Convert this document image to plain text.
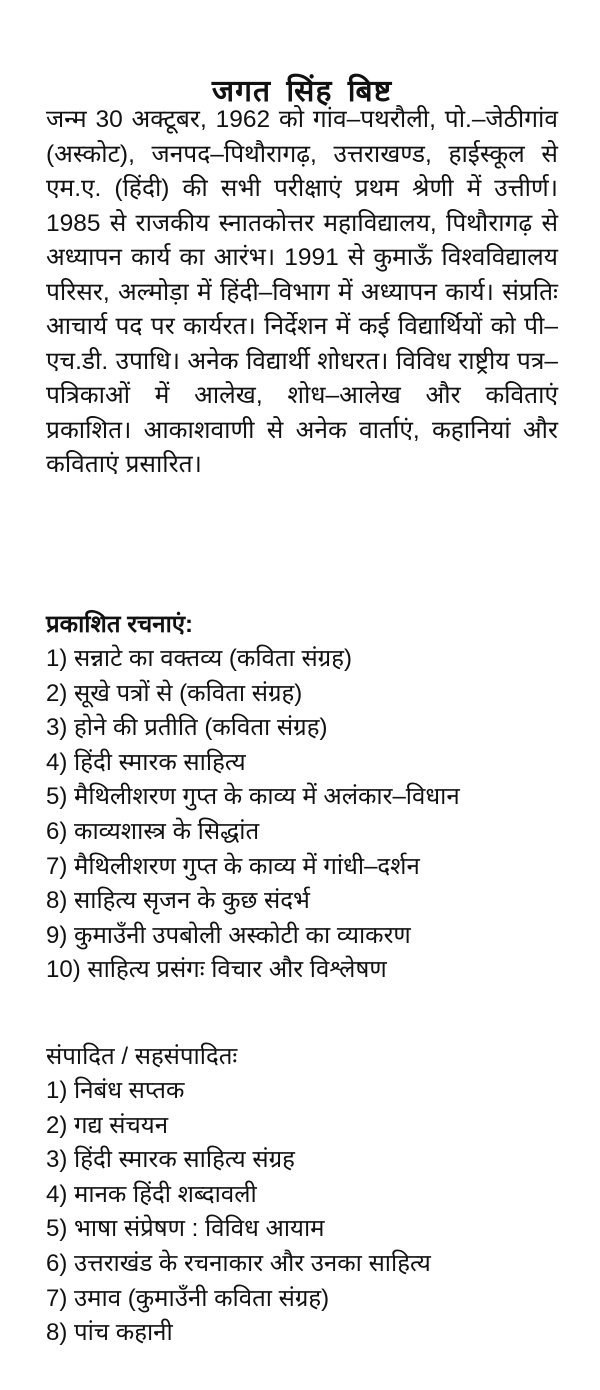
जगत सिंह बिष्ट

जन्म 30 अक्टूबर, 1962 को गांव–पथरौली, पो.–जेठीगांव (अस्कोट), जनपद–पिथौरागढ़, उत्तराखण्ड, हाईस्कूल से एम.ए. (हिंदी) की सभी परीक्षाएं प्रथम श्रेणी में उत्तीर्ण। 1985 से राजकीय स्नातकोत्तर महाविद्यालय, पिथौरागढ़ से अध्यापन कार्य का आरंभ। 1991 से कुमाऊँ विश्वविद्यालय परिसर, अल्मोड़ा में हिंदी–विभाग में अध्यापन कार्य। संप्रतिः आचार्य पद पर कार्यरत। निर्देशन में कई विद्यार्थियों को पी–एच.डी. उपाधि। अनेक विद्यार्थी शोधरत। विविध राष्ट्रीय पत्र–पत्रिकाओं में आलेख, शोध–आलेख और कविताएं प्रकाशित। आकाशवाणी से अनेक वार्ताएं, कहानियां और कविताएं प्रसारित।

प्रकाशित रचनाएं:
1) सन्नाटे का वक्तव्य (कविता संग्रह)
2) सूखे पत्रों से (कविता संग्रह)
3) होने की प्रतीति (कविता संग्रह)
4) हिंदी स्मारक साहित्य
5) मैथिलीशरण गुप्त के काव्य में अलंकार–विधान
6) काव्यशास्त्र के सिद्धांत
7) मैथिलीशरण गुप्त के काव्य में गांधी–दर्शन
8) साहित्य सृजन के कुछ संदर्भ
9) कुमाउँनी उपबोली अस्कोटी का व्याकरण
10) साहित्य प्रसंगः विचार और विश्लेषण
संपादित / सहसंपादितः
1) निबंध सप्तक
2) गद्य संचयन
3) हिंदी स्मारक साहित्य संग्रह
4) मानक हिंदी शब्दावली
5) भाषा संप्रेषण : विविध आयाम
6) उत्तराखंड के रचनाकार और उनका साहित्य
7) उमाव (कुमाउँनी कविता संग्रह)
8) पांच कहानी
